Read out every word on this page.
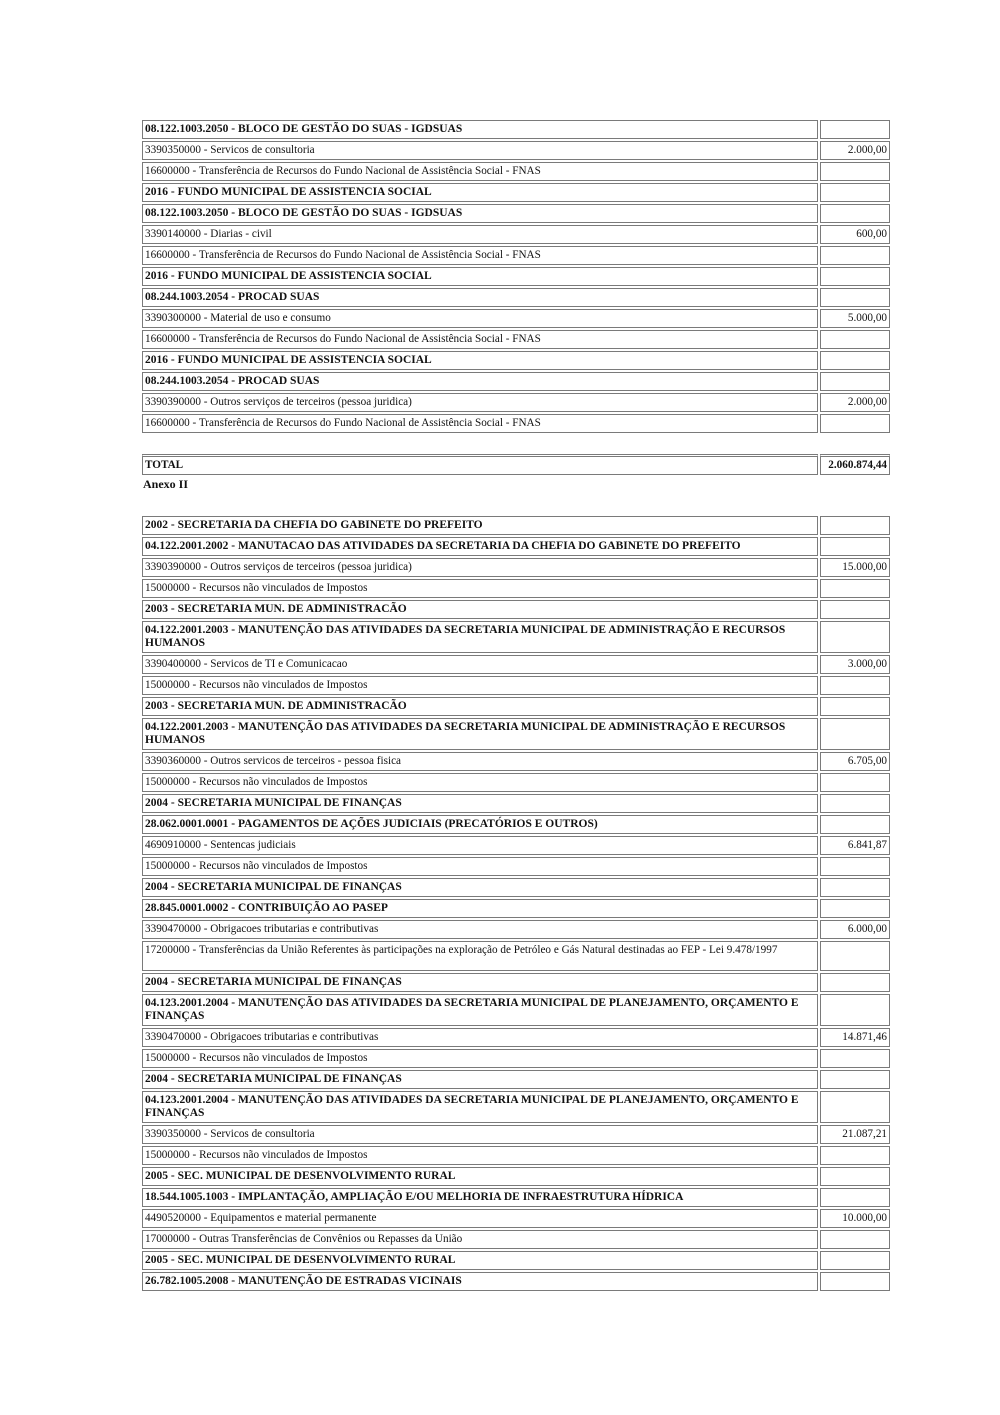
08.122.1003.2050 - BLOCO DE GESTÃO DO SUAS - IGDSUAS	
3390350000 - Servicos de consultoria	2.000,00
16600000 - Transferência de Recursos do Fundo Nacional de Assistência Social - FNAS	
2016 - FUNDO MUNICIPAL DE ASSISTENCIA SOCIAL	
08.122.1003.2050 - BLOCO DE GESTÃO DO SUAS - IGDSUAS	
3390140000 - Diarias - civil	600,00
16600000 - Transferência de Recursos do Fundo Nacional de Assistência Social - FNAS	
2016 - FUNDO MUNICIPAL DE ASSISTENCIA SOCIAL	
08.244.1003.2054 - PROCAD SUAS	
3390300000 - Material de uso e consumo	5.000,00
16600000 - Transferência de Recursos do Fundo Nacional de Assistência Social - FNAS	
2016 - FUNDO MUNICIPAL DE ASSISTENCIA SOCIAL	
08.244.1003.2054 - PROCAD SUAS	
3390390000 - Outros serviços de terceiros (pessoa juridica)	2.000,00
16600000 - Transferência de Recursos do Fundo Nacional de Assistência Social - FNAS	

TOTAL	2.060.874,44
Anexo II
2002 - SECRETARIA DA CHEFIA DO GABINETE DO PREFEITO	
04.122.2001.2002 - MANUTACAO DAS ATIVIDADES DA SECRETARIA DA CHEFIA DO GABINETE DO PREFEITO	
3390390000 - Outros serviços de terceiros (pessoa juridica)	15.000,00
15000000 - Recursos não vinculados de Impostos	
2003 - SECRETARIA MUN. DE ADMINISTRACÃO	
04.122.2001.2003 - MANUTENÇÃO DAS ATIVIDADES DA SECRETARIA MUNICIPAL DE ADMINISTRAÇÃO E RECURSOS HUMANOS	
3390400000 - Servicos de TI e Comunicacao	3.000,00
15000000 - Recursos não vinculados de Impostos	
2003 - SECRETARIA MUN. DE ADMINISTRACÃO	
04.122.2001.2003 - MANUTENÇÃO DAS ATIVIDADES DA SECRETARIA MUNICIPAL DE ADMINISTRAÇÃO E RECURSOS HUMANOS	
3390360000 - Outros servicos de terceiros - pessoa fisica	6.705,00
15000000 - Recursos não vinculados de Impostos	
2004 - SECRETARIA MUNICIPAL DE FINANÇAS	
28.062.0001.0001 - PAGAMENTOS DE AÇÕES JUDICIAIS (PRECATÓRIOS E OUTROS)	
4690910000 - Sentencas judiciais	6.841,87
15000000 - Recursos não vinculados de Impostos	
2004 - SECRETARIA MUNICIPAL DE FINANÇAS	
28.845.0001.0002 - CONTRIBUIÇÃO AO PASEP	
3390470000 - Obrigacoes tributarias e contributivas	6.000,00
17200000 - Transferências da União Referentes às participações na exploração de Petróleo e Gás Natural destinadas ao FEP - Lei 9.478/1997	
2004 - SECRETARIA MUNICIPAL DE FINANÇAS	
04.123.2001.2004 - MANUTENÇÃO DAS ATIVIDADES DA SECRETARIA MUNICIPAL DE PLANEJAMENTO, ORÇAMENTO E FINANÇAS	
3390470000 - Obrigacoes tributarias e contributivas	14.871,46
15000000 - Recursos não vinculados de Impostos	
2004 - SECRETARIA MUNICIPAL DE FINANÇAS	
04.123.2001.2004 - MANUTENÇÃO DAS ATIVIDADES DA SECRETARIA MUNICIPAL DE PLANEJAMENTO, ORÇAMENTO E FINANÇAS	
3390350000 - Servicos de consultoria	21.087,21
15000000 - Recursos não vinculados de Impostos	
2005 - SEC. MUNICIPAL DE DESENVOLVIMENTO RURAL	
18.544.1005.1003 - IMPLANTAÇÃO, AMPLIAÇÃO E/OU MELHORIA DE INFRAESTRUTURA HÍDRICA	
4490520000 - Equipamentos e material permanente	10.000,00
17000000 - Outras Transferências de Convênios ou Repasses da União	
2005 - SEC. MUNICIPAL DE DESENVOLVIMENTO RURAL	
26.782.1005.2008 - MANUTENÇÃO DE ESTRADAS VICINAIS	
